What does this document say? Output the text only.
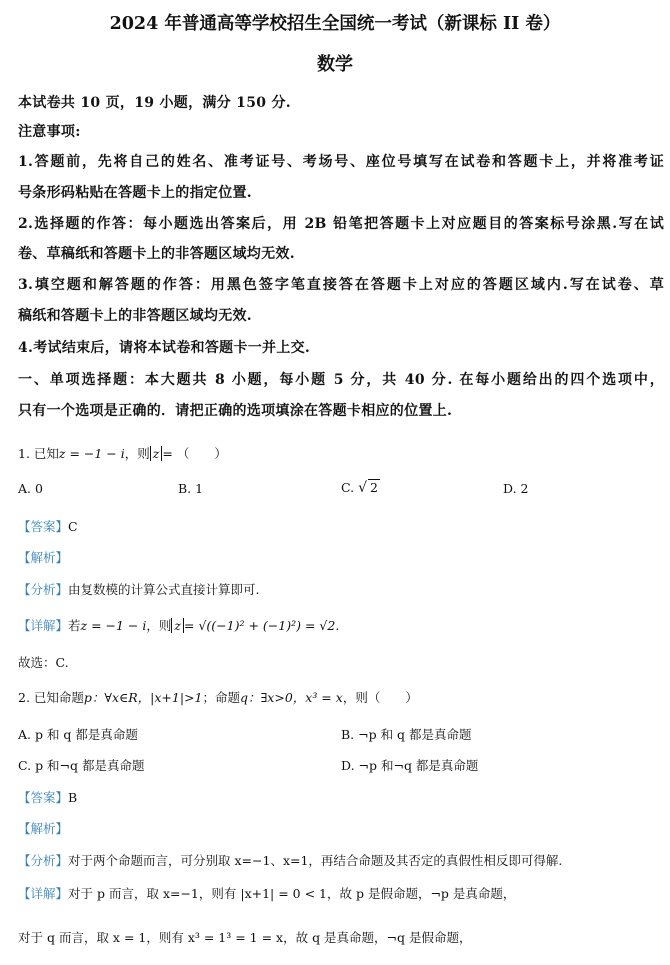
2024 年普通高等学校招生全国统一考试（新课标 II 卷）
数学
本试卷共 10 页，19 小题，满分 150 分.
注意事项:
1.答题前，先将自己的姓名、准考证号、考场号、座位号填写在试卷和答题卡上，并将准考证
号条形码粘贴在答题卡上的指定位置.
2.选择题的作答：每小题选出答案后，用 2B 铅笔把答题卡上对应题目的答案标号涂黑.写在试
卷、草稿纸和答题卡上的非答题区域均无效.
3.填空题和解答题的作答：用黑色签字笔直接答在答题卡上对应的答题区域内.写在试卷、草
稿纸和答题卡上的非答题区域均无效.
4.考试结束后，请将本试卷和答题卡一并上交.
一、单项选择题：本大题共 8 小题，每小题 5 分，共 40 分. 在每小题给出的四个选项中，
只有一个选项是正确的．请把正确的选项填涂在答题卡相应的位置上.
1. 已知z = −1 − i，则 z = （　　）
A. 0	B. 1	C. √ 2	D. 2
【答案】C
【解析】
【分析】由复数模的计算公式直接计算即可.
【详解】若z = −1 − i，则 z = √((−1)² + (−1)²) = √2.
故选：C.
2. 已知命题p：∀x∈R，|x+1|>1；命题q：∃x>0，x³ = x，则（　　）
A. p 和 q 都是真命题	B. ¬p 和 q 都是真命题
C. p 和¬q 都是真命题	D. ¬p 和¬q 都是真命题
【答案】B
【解析】
【分析】对于两个命题而言，可分别取 x=−1、x=1，再结合命题及其否定的真假性相反即可得解.
【详解】对于 p 而言，取 x=−1，则有 |x+1| = 0 < 1，故 p 是假命题，¬p 是真命题，
对于 q 而言，取 x = 1，则有 x³ = 1³ = 1 = x，故 q 是真命题，¬q 是假命题，
